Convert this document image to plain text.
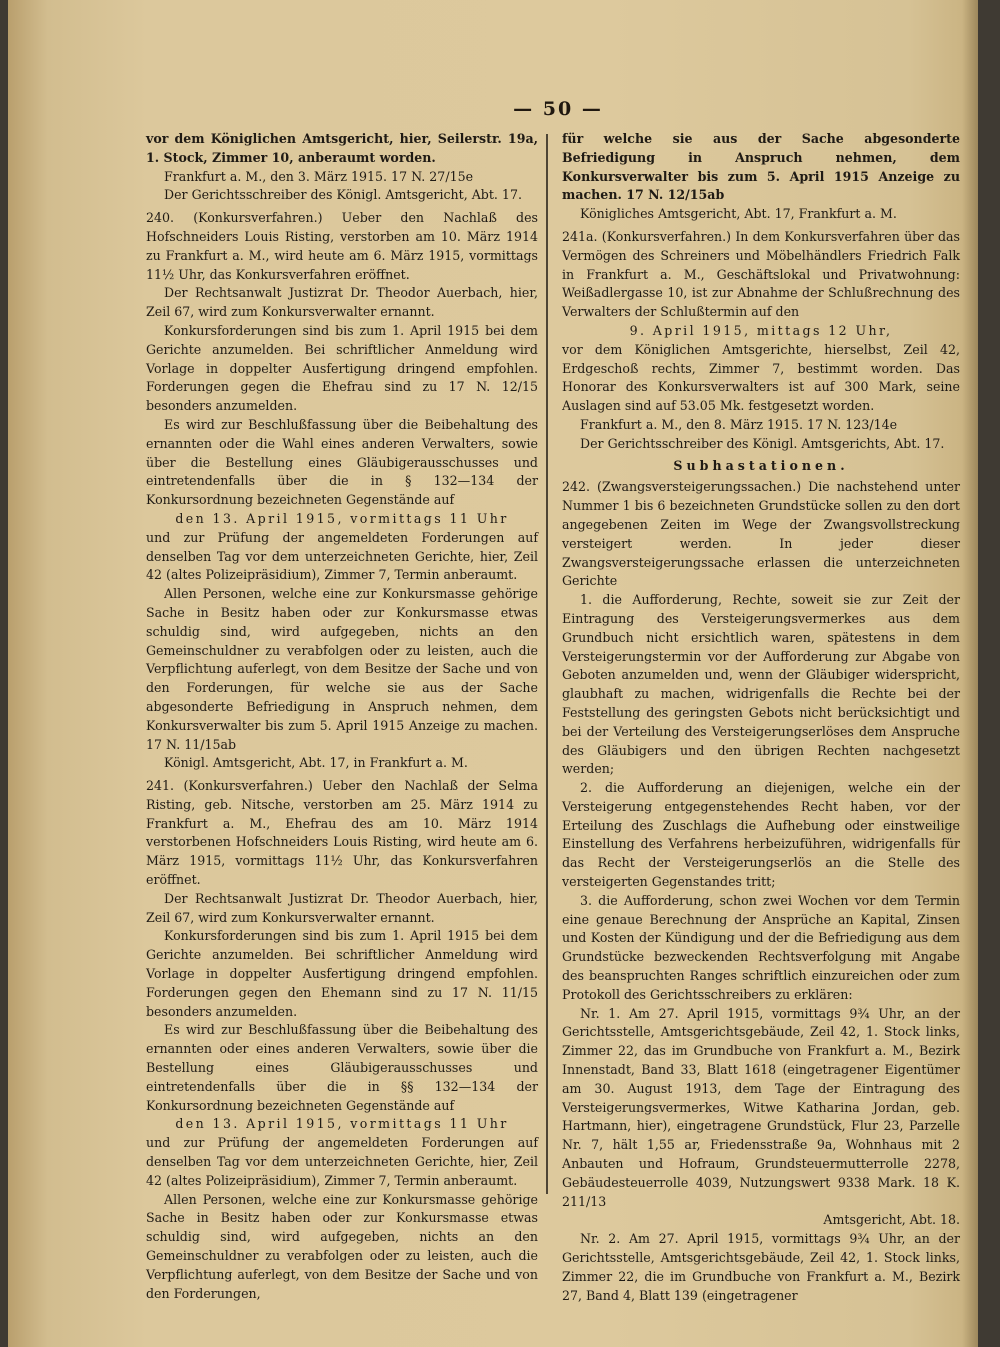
— 50 —

vor dem Königlichen Amtsgericht, hier, Seilerstr. 19a, 1. Stock, Zimmer 10, anberaumt worden.

Frankfurt a. M., den 3. März 1915. 17 N. 27/15e

Der Gerichtsschreiber des Königl. Amtsgericht, Abt. 17.

240. (Konkursverfahren.) Ueber den Nachlaß des Hofschneiders Louis Risting, verstorben am 10. März 1914 zu Frankfurt a. M., wird heute am 6. März 1915, vormittags 11½ Uhr, das Konkursverfahren eröffnet.

Der Rechtsanwalt Justizrat Dr. Theodor Auerbach, hier, Zeil 67, wird zum Konkursverwalter ernannt.

Konkursforderungen sind bis zum 1. April 1915 bei dem Gerichte anzumelden. Bei schriftlicher Anmeldung wird Vorlage in doppelter Ausfertigung dringend empfohlen. Forderungen gegen die Ehefrau sind zu 17 N. 12/15 besonders anzumelden.

Es wird zur Beschlußfassung über die Beibehaltung des ernannten oder die Wahl eines anderen Verwalters, sowie über die Bestellung eines Gläubigerausschusses und eintretendenfalls über die in § 132—134 der Konkursordnung bezeichneten Gegenstände auf

den 13. April 1915, vormittags 11 Uhr

und zur Prüfung der angemeldeten Forderungen auf denselben Tag vor dem unterzeichneten Gerichte, hier, Zeil 42 (altes Polizeipräsidium), Zimmer 7, Termin anberaumt.

Allen Personen, welche eine zur Konkursmasse gehörige Sache in Besitz haben oder zur Konkursmasse etwas schuldig sind, wird aufgegeben, nichts an den Gemeinschuldner zu verabfolgen oder zu leisten, auch die Verpflichtung auferlegt, von dem Besitze der Sache und von den Forderungen, für welche sie aus der Sache abgesonderte Befriedigung in Anspruch nehmen, dem Konkursverwalter bis zum 5. April 1915 Anzeige zu machen. 17 N. 11/15ab

Königl. Amtsgericht, Abt. 17, in Frankfurt a. M.

241. (Konkursverfahren.) Ueber den Nachlaß der Selma Risting, geb. Nitsche, verstorben am 25. März 1914 zu Frankfurt a. M., Ehefrau des am 10. März 1914 verstorbenen Hofschneiders Louis Risting, wird heute am 6. März 1915, vormittags 11½ Uhr, das Konkursverfahren eröffnet.

Der Rechtsanwalt Justizrat Dr. Theodor Auerbach, hier, Zeil 67, wird zum Konkursverwalter ernannt.

Konkursforderungen sind bis zum 1. April 1915 bei dem Gerichte anzumelden. Bei schriftlicher Anmeldung wird Vorlage in doppelter Ausfertigung dringend empfohlen. Forderungen gegen den Ehemann sind zu 17 N. 11/15 besonders anzumelden.

Es wird zur Beschlußfassung über die Beibehaltung des ernannten oder eines anderen Verwalters, sowie über die Bestellung eines Gläubigerausschusses und eintretendenfalls über die in §§ 132—134 der Konkursordnung bezeichneten Gegenstände auf

den 13. April 1915, vormittags 11 Uhr

und zur Prüfung der angemeldeten Forderungen auf denselben Tag vor dem unterzeichneten Gerichte, hier, Zeil 42 (altes Polizeipräsidium), Zimmer 7, Termin anberaumt.

Allen Personen, welche eine zur Konkursmasse gehörige Sache in Besitz haben oder zur Konkursmasse etwas schuldig sind, wird aufgegeben, nichts an den Gemeinschuldner zu verabfolgen oder zu leisten, auch die Verpflichtung auferlegt, von dem Besitze der Sache und von den Forderungen,

für welche sie aus der Sache abgesonderte Befriedigung in Anspruch nehmen, dem Konkursverwalter bis zum 5. April 1915 Anzeige zu machen. 17 N. 12/15ab

Königliches Amtsgericht, Abt. 17, Frankfurt a. M.

241a. (Konkursverfahren.) In dem Konkursverfahren über das Vermögen des Schreiners und Möbelhändlers Friedrich Falk in Frankfurt a. M., Geschäftslokal und Privatwohnung: Weißadlergasse 10, ist zur Abnahme der Schlußrechnung des Verwalters der Schlußtermin auf den

9. April 1915, mittags 12 Uhr,

vor dem Königlichen Amtsgerichte, hierselbst, Zeil 42, Erdgeschoß rechts, Zimmer 7, bestimmt worden. Das Honorar des Konkursverwalters ist auf 300 Mark, seine Auslagen sind auf 53.05 Mk. festgesetzt worden.

Frankfurt a. M., den 8. März 1915. 17 N. 123/14e

Der Gerichtsschreiber des Königl. Amtsgerichts, Abt. 17.

Subhastationen.

242. (Zwangsversteigerungssachen.) Die nachstehend unter Nummer 1 bis 6 bezeichneten Grundstücke sollen zu den dort angegebenen Zeiten im Wege der Zwangsvollstreckung versteigert werden. In jeder dieser Zwangsversteigerungssache erlassen die unterzeichneten Gerichte

1. die Aufforderung, Rechte, soweit sie zur Zeit der Eintragung des Versteigerungsvermerkes aus dem Grundbuch nicht ersichtlich waren, spätestens in dem Versteigerungstermin vor der Aufforderung zur Abgabe von Geboten anzumelden und, wenn der Gläubiger widerspricht, glaubhaft zu machen, widrigenfalls die Rechte bei der Feststellung des geringsten Gebots nicht berücksichtigt und bei der Verteilung des Versteigerungserlöses dem Anspruche des Gläubigers und den übrigen Rechten nachgesetzt werden;

2. die Aufforderung an diejenigen, welche ein der Versteigerung entgegenstehendes Recht haben, vor der Erteilung des Zuschlags die Aufhebung oder einstweilige Einstellung des Verfahrens herbeizuführen, widrigenfalls für das Recht der Versteigerungserlös an die Stelle des versteigerten Gegenstandes tritt;

3. die Aufforderung, schon zwei Wochen vor dem Termin eine genaue Berechnung der Ansprüche an Kapital, Zinsen und Kosten der Kündigung und der die Befriedigung aus dem Grundstücke bezweckenden Rechtsverfolgung mit Angabe des beanspruchten Ranges schriftlich einzureichen oder zum Protokoll des Gerichtsschreibers zu erklären:

Nr. 1. Am 27. April 1915, vormittags 9¾ Uhr, an der Gerichtsstelle, Amtsgerichtsgebäude, Zeil 42, 1. Stock links, Zimmer 22, das im Grundbuche von Frankfurt a. M., Bezirk Innenstadt, Band 33, Blatt 1618 (eingetragener Eigentümer am 30. August 1913, dem Tage der Eintragung des Versteigerungsvermerkes, Witwe Katharina Jordan, geb. Hartmann, hier), eingetragene Grundstück, Flur 23, Parzelle Nr. 7, hält 1,55 ar, Friedensstraße 9a, Wohnhaus mit 2 Anbauten und Hofraum, Grundsteuermutterrolle 2278, Gebäudesteuerrolle 4039, Nutzungswert 9338 Mark. 18 K. 211/13

Amtsgericht, Abt. 18.

Nr. 2. Am 27. April 1915, vormittags 9¾ Uhr, an der Gerichtsstelle, Amtsgerichtsgebäude, Zeil 42, 1. Stock links, Zimmer 22, die im Grundbuche von Frankfurt a. M., Bezirk 27, Band 4, Blatt 139 (eingetragener
